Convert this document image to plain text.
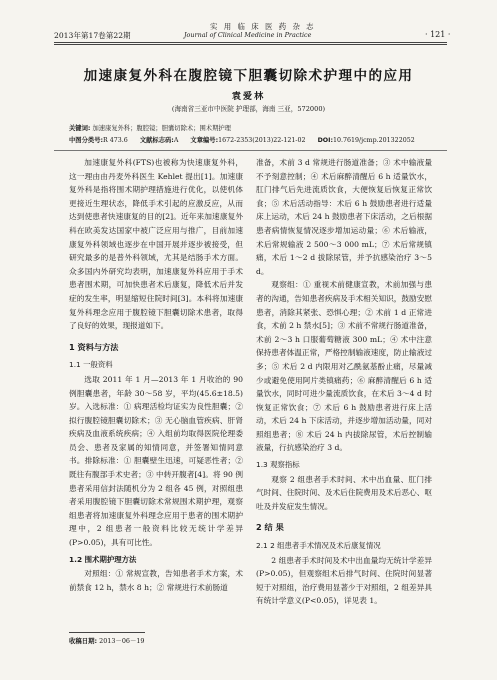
2013年第17卷第22期
实 用 临 床 医 药 杂 志
Journal of Clinical Medicine in Practice	· 121 ·
加速康复外科在腹腔镜下胆囊切除术护理中的应用
袁爱林
(海南省三亚市中医院 护理部，海南 三亚，572000)
关键词: 加速康复外科；腹腔镜；胆囊切除术；围术期护理
中图分类号:R 473.6 文献标志码:A 文章编号:1672-2353(2013)22-121-02 DOI:10.7619/jcmp.201322052

加速康复外科(FTS)也被称为快速康复外科，这一理由由丹麦外科医生 Kehlet 提出[1]。加速康复外科是指将围术期护理措施进行优化，以使机体更接近生理状态，降低手术引起的应激反应，从而达到使患者快速康复的目的[2]。近年来加速康复外科在欧美发达国家中被广泛应用与推广，目前加速康复外科领域也逐步在中国开展并逐步被接受，但研究最多的是普外科领域，尤其是结肠手术方面。众多国内外研究均表明，加速康复外科应用于手术患者围术期，可加快患者术后康复，降低术后并发症的发生率，明显缩短住院时间[3]。本科将加速康复外科理念应用于腹腔镜下胆囊切除术患者，取得了良好的效果，现报道如下。

1 资料与方法
1.1 一般资料

选取 2011 年 1 月—2013 年 1 月收治的 90 例胆囊患者，年龄 30～58 岁，平均(45.6±18.5)岁。入选标准：① 病理活检均证实为良性胆囊；② 拟行腹腔镜胆囊切除术；③ 无心脑血管疾病、肝肾疾病及血液系统疾病；④ 入组前均取得医院伦理委员会、患者及家属的知情同意，并签署知情同意书。排除标准：① 胆囊壁生迅速，可疑恶性者；② 既往有腹部手术史者；③ 中转开腹者[4]。将 90 例患者采用信封法随机分为 2 组各 45 例，对照组患者采用腹腔镜下胆囊切除术常规围术期护理，观察组患者将加速康复外科理念应用于患者的围术期护理中，2 组患者一般资料比较无统计学差异(P>0.05)，具有可比性。

1.2 围术期护理方法

对照组：① 常规宣教，告知患者手术方案，术前禁食 12 h，禁水 8 h；② 常规进行术前肠道

准备，术前 3 d 常规进行肠道准备；③ 术中输液量不予刻意控制；④ 术后麻醉清醒后 6 h 适量饮水，肛门排气后先进流质饮食，大便恢复后恢复正常饮食；⑤ 术后活动指导：术后 6 h 鼓励患者进行适量床上运动，术后 24 h 鼓励患者下床活动，之后根据患者病情恢复情况逐步增加运动量；⑥ 术后输液，术后常规输液 2 500～3 000 mL；⑦ 术后常规镇痛，术后 1～2 d 拔除尿管，并予抗感染治疗 3～5 d。

观察组：① 重视术前健康宣教，术前加强与患者的沟通，告知患者疾病及手术相关知识，鼓励安慰患者，消除其紧张、恐惧心理；② 术前 1 d 正常进食，术前 2 h 禁水[5]；③ 术前不常规行肠道准备，术前 2～3 h 口服葡萄糖液 300 mL；④ 术中注意保持患者体温正常，严格控制输液速度，防止输液过多；⑤ 术后 2 d 内限用对乙酰氨基酚止痛，尽量减少或避免使用阿片类镇痛药；⑥ 麻醉清醒后 6 h 适量饮水，同时可进少量流质饮食，在术后 3～4 d 时恢复正常饮食；⑦ 术后 6 h 鼓励患者进行床上活动，术后 24 h 下床活动，并逐步增加活动量，同对照组患者；⑧ 术后 24 h 内拔除尿管，术后控制输液量，行抗感染治疗 3 d。

1.3 观察指标

观察 2 组患者手术时间、术中出血量、肛门排气时间、住院时间、及术后住院费用及术后恶心、呕吐及并发症发生情况。

2 结 果
2.1 2 组患者手术情况及术后康复情况

2 组患者手术时间及术中出血量均无统计学差异(P>0.05)，但观察组术后排气时间、住院时间显著短于对照组，治疗费用显著少于对照组，2 组差异具有统计学意义(P<0.05)，详见表 1。

收稿日期: 2013－06－19
